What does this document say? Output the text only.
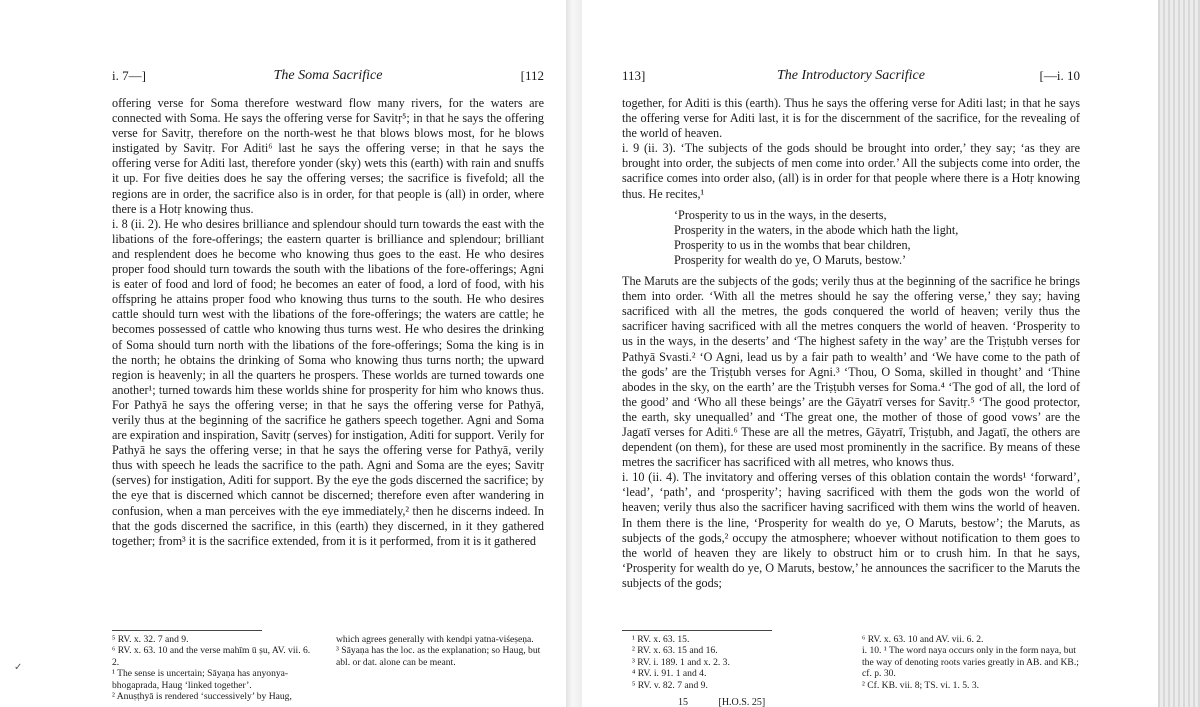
i. 7—]	The Soma Sacrifice	[112

offering verse for Soma therefore westward flow many rivers, for the waters are connected with Soma. He says the offering verse for Savitṛ⁵; in that he says the offering verse for Savitṛ, therefore on the north-west he that blows blows most, for he blows instigated by Savitṛ. For Aditi⁶ last he says the offering verse; in that he says the offering verse for Aditi last, therefore yonder (sky) wets this (earth) with rain and snuffs it up. For five deities does he say the offering verses; the sacrifice is fivefold; all the regions are in order, the sacrifice also is in order, for that people is (all) in order, where there is a Hotṛ knowing thus.

i. 8 (ii. 2). He who desires brilliance and splendour should turn towards the east with the libations of the fore-offerings; the eastern quarter is brilliance and splendour; brilliant and resplendent does he become who knowing thus goes to the east. He who desires proper food should turn towards the south with the libations of the fore-offerings; Agni is eater of food and lord of food; he becomes an eater of food, a lord of food, with his offspring he attains proper food who knowing thus turns to the south. He who desires cattle should turn west with the libations of the fore-offerings; the waters are cattle; he becomes possessed of cattle who knowing thus turns west. He who desires the drinking of Soma should turn north with the libations of the fore-offerings; Soma the king is in the north; he obtains the drinking of Soma who knowing thus turns north; the upward region is heavenly; in all the quarters he prospers. These worlds are turned towards one another¹; turned towards him these worlds shine for prosperity for him who knows thus. For Pathyā he says the offering verse; in that he says the offering verse for Pathyā, verily thus at the beginning of the sacrifice he gathers speech together. Agni and Soma are expiration and inspiration, Savitṛ (serves) for instigation, Aditi for support. Verily for Pathyā he says the offering verse; in that he says the offering verse for Pathyā, verily thus with speech he leads the sacrifice to the path. Agni and Soma are the eyes; Savitṛ (serves) for instigation, Aditi for support. By the eye the gods discerned the sacrifice; by the eye that is discerned which cannot be discerned; therefore even after wandering in confusion, when a man perceives with the eye immediately,² then he discerns indeed. In that the gods discerned the sacrifice, in this (earth) they discerned, in it they gathered together; from³ it is the sacrifice extended, from it is it performed, from it is it gathered

⁵ RV. x. 32. 7 and 9.
⁶ RV. x. 63. 10 and the verse mahīm ū ṣu, AV. vii. 6. 2.
¹ The sense is uncertain; Sāyaṇa has anyonya-bhogaprada, Haug ‘linked together’.
² Anuṣṭhyā is rendered ‘successively’ by Haug,
which agrees generally with kendpi yatna-viśeṣeṇa.
³ Sāyaṇa has the loc. as the explanation; so Haug, but abl. or dat. alone can be meant.
113]	The Introductory Sacrifice	[—i. 10

together, for Aditi is this (earth). Thus he says the offering verse for Aditi last; in that he says the offering verse for Aditi last, it is for the discernment of the sacrifice, for the revealing of the world of heaven.

i. 9 (ii. 3). ‘The subjects of the gods should be brought into order,’ they say; ‘as they are brought into order, the subjects of men come into order.’ All the subjects come into order, the sacrifice comes into order also, (all) is in order for that people where there is a Hotṛ knowing thus. He recites,¹

‘Prosperity to us in the ways, in the deserts,
Prosperity in the waters, in the abode which hath the light,
Prosperity to us in the wombs that bear children,
Prosperity for wealth do ye, O Maruts, bestow.’

The Maruts are the subjects of the gods; verily thus at the beginning of the sacrifice he brings them into order. ‘With all the metres should he say the offering verse,’ they say; having sacrificed with all the metres, the gods conquered the world of heaven; verily thus the sacrificer having sacrificed with all the metres conquers the world of heaven. ‘Prosperity to us in the ways, in the deserts’ and ‘The highest safety in the way’ are the Triṣṭubh verses for Pathyā Svasti.² ‘O Agni, lead us by a fair path to wealth’ and ‘We have come to the path of the gods’ are the Triṣṭubh verses for Agni.³ ‘Thou, O Soma, skilled in thought’ and ‘Thine abodes in the sky, on the earth’ are the Triṣṭubh verses for Soma.⁴ ‘The god of all, the lord of the good’ and ‘Who all these beings’ are the Gāyatrī verses for Savitṛ.⁵ ‘The good protector, the earth, sky unequalled’ and ‘The great one, the mother of those of good vows’ are the Jagatī verses for Aditi.⁶ These are all the metres, Gāyatrī, Triṣṭubh, and Jagatī, the others are dependent (on them), for these are used most prominently in the sacrifice. By means of these metres the sacrificer has sacrificed with all metres, who knows thus.

i. 10 (ii. 4). The invitatory and offering verses of this oblation contain the words¹ ‘forward’, ‘lead’, ‘path’, and ‘prosperity’; having sacrificed with them the gods won the world of heaven; verily thus also the sacrificer having sacrificed with them wins the world of heaven. In them there is the line, ‘Prosperity for wealth do ye, O Maruts, bestow’; the Maruts, as subjects of the gods,² occupy the atmosphere; whoever without notification to them goes to the world of heaven they are likely to obstruct him or to crush him. In that he says, ‘Prosperity for wealth do ye, O Maruts, bestow,’ he announces the sacrificer to the Maruts the subjects of the gods;

¹ RV. x. 63. 15.
² RV. x. 63. 15 and 16.
³ RV. i. 189. 1 and x. 2. 3.
⁴ RV. i. 91. 1 and 4.
⁵ RV. v. 82. 7 and 9.
⁶ RV. x. 63. 10 and AV. vii. 6. 2.
i. 10. ¹ The word naya occurs only in the form naya, but the way of denoting roots varies greatly in AB. and KB.; cf. p. 30.
² Cf. KB. vii. 8; TS. vi. 1. 5. 3.
15	[H.O.S. 25]
✓
